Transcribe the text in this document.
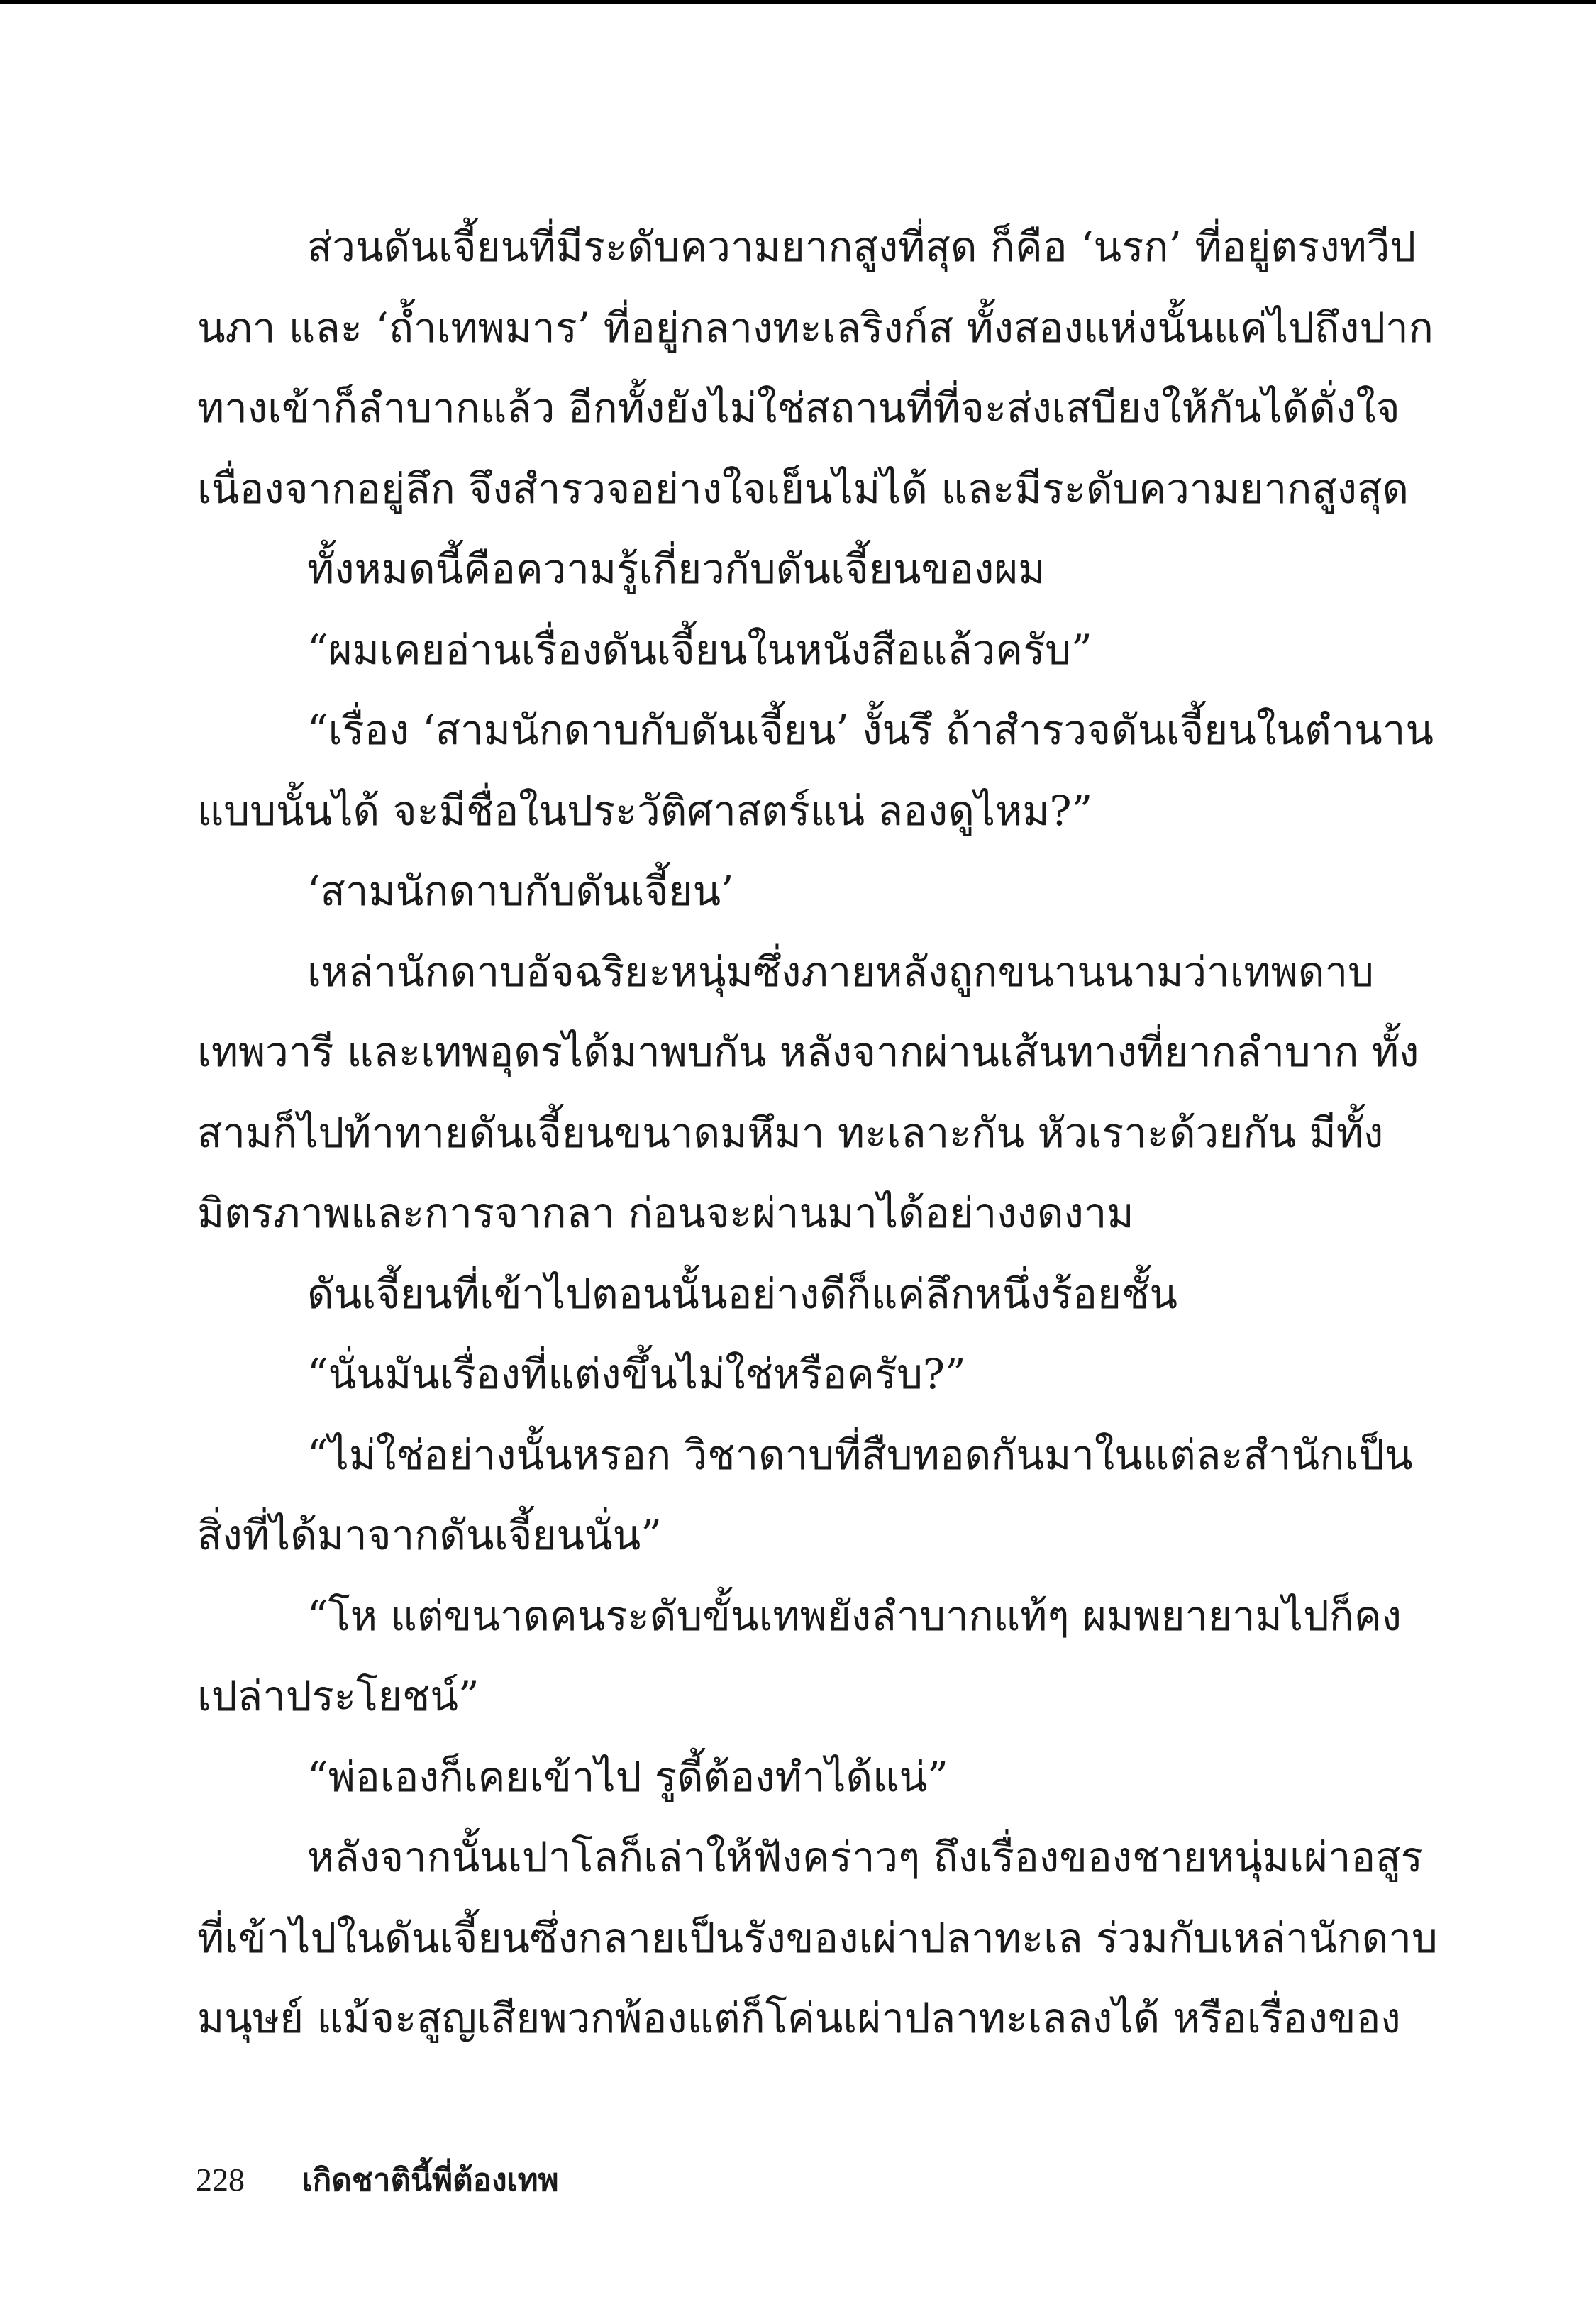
ส่วนดันเจี้ยนที่มีระดับความยากสูงที่สุด ก็คือ ‘นรก’ ที่อยู่ตรงทวีป
นภา และ ‘ถ้ำเทพมาร’ ที่อยู่กลางทะเลริงก์ส ทั้งสองแห่งนั้นแค่ไปถึงปาก
ทางเข้าก็ลำบากแล้ว อีกทั้งยังไม่ใช่สถานที่ที่จะส่งเสบียงให้กันได้ดั่งใจ
เนื่องจากอยู่ลึก จึงสำรวจอย่างใจเย็นไม่ได้ และมีระดับความยากสูงสุด
ทั้งหมดนี้คือความรู้เกี่ยวกับดันเจี้ยนของผม
“ผมเคยอ่านเรื่องดันเจี้ยนในหนังสือแล้วครับ”
“เรื่อง ‘สามนักดาบกับดันเจี้ยน’ งั้นรึ ถ้าสำรวจดันเจี้ยนในตำนาน
แบบนั้นได้ จะมีชื่อในประวัติศาสตร์แน่ ลองดูไหม?”
‘สามนักดาบกับดันเจี้ยน’
เหล่านักดาบอัจฉริยะหนุ่มซึ่งภายหลังถูกขนานนามว่าเทพดาบ
เทพวารี และเทพอุดรได้มาพบกัน หลังจากผ่านเส้นทางที่ยากลำบาก ทั้ง
สามก็ไปท้าทายดันเจี้ยนขนาดมหึมา ทะเลาะกัน หัวเราะด้วยกัน มีทั้ง
มิตรภาพและการจากลา ก่อนจะผ่านมาได้อย่างงดงาม
ดันเจี้ยนที่เข้าไปตอนนั้นอย่างดีก็แค่ลึกหนึ่งร้อยชั้น
“นั่นมันเรื่องที่แต่งขึ้นไม่ใช่หรือครับ?”
“ไม่ใช่อย่างนั้นหรอก วิชาดาบที่สืบทอดกันมาในแต่ละสำนักเป็น
สิ่งที่ได้มาจากดันเจี้ยนนั่น”
“โห แต่ขนาดคนระดับขั้นเทพยังลำบากแท้ๆ ผมพยายามไปก็คง
เปล่าประโยชน์”
“พ่อเองก็เคยเข้าไป รูดี้ต้องทำได้แน่”
หลังจากนั้นเปาโลก็เล่าให้ฟังคร่าวๆ ถึงเรื่องของชายหนุ่มเผ่าอสูร
ที่เข้าไปในดันเจี้ยนซึ่งกลายเป็นรังของเผ่าปลาทะเล ร่วมกับเหล่านักดาบ
มนุษย์ แม้จะสูญเสียพวกพ้องแต่ก็โค่นเผ่าปลาทะเลลงได้ หรือเรื่องของ
228 เกิดชาตินี้พี่ต้องเทพ
